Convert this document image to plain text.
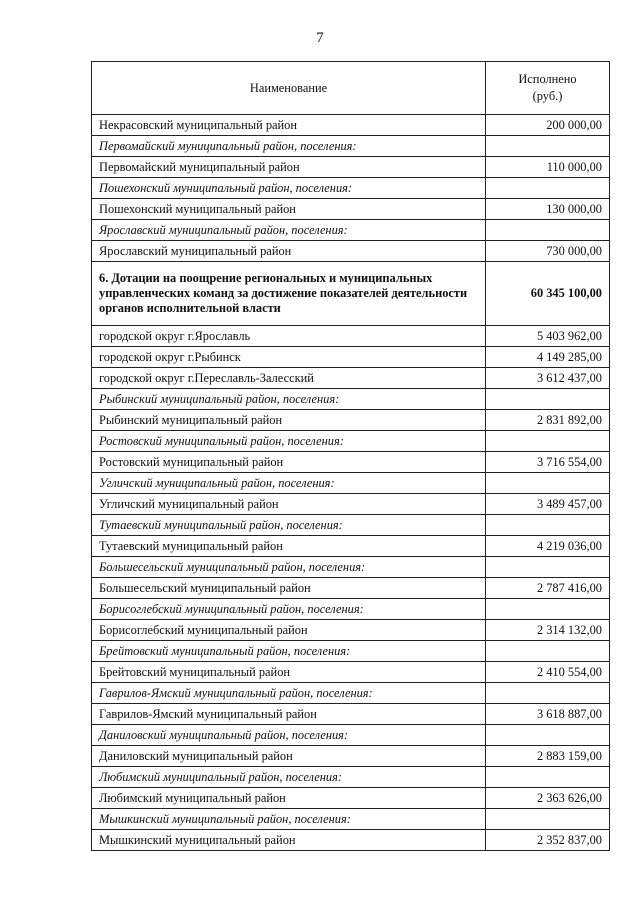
7
Наименование	Исполнено
(руб.)
Некрасовский муниципальный район	200 000,00
Первомайский муниципальный район, поселения:	
Первомайский муниципальный район	110 000,00
Пошехонский муниципальный район, поселения:	
Пошехонский муниципальный район	130 000,00
Ярославский муниципальный район, поселения:	
Ярославский муниципальный район	730 000,00
6. Дотации на поощрение региональных и муниципальных управленческих команд за достижение показателей деятельности органов исполнительной власти	60 345 100,00
городской округ г.Ярославль	5 403 962,00
городской округ г.Рыбинск	4 149 285,00
городской округ г.Переславль-Залесский	3 612 437,00
Рыбинский муниципальный район, поселения:	
Рыбинский муниципальный район	2 831 892,00
Ростовский муниципальный район, поселения:	
Ростовский муниципальный район	3 716 554,00
Угличский муниципальный район, поселения:	
Угличский муниципальный район	3 489 457,00
Тутаевский муниципальный район, поселения:	
Тутаевский муниципальный район	4 219 036,00
Большесельский муниципальный район, поселения:	
Большесельский муниципальный район	2 787 416,00
Борисоглебский муниципальный район, поселения:	
Борисоглебский муниципальный район	2 314 132,00
Брейтовский муниципальный район, поселения:	
Брейтовский муниципальный район	2 410 554,00
Гаврилов-Ямский муниципальный район, поселения:	
Гаврилов-Ямский муниципальный район	3 618 887,00
Даниловский муниципальный район, поселения:	
Даниловский муниципальный район	2 883 159,00
Любимский муниципальный район, поселения:	
Любимский муниципальный район	2 363 626,00
Мышкинский муниципальный район, поселения:	
Мышкинский муниципальный район	2 352 837,00
